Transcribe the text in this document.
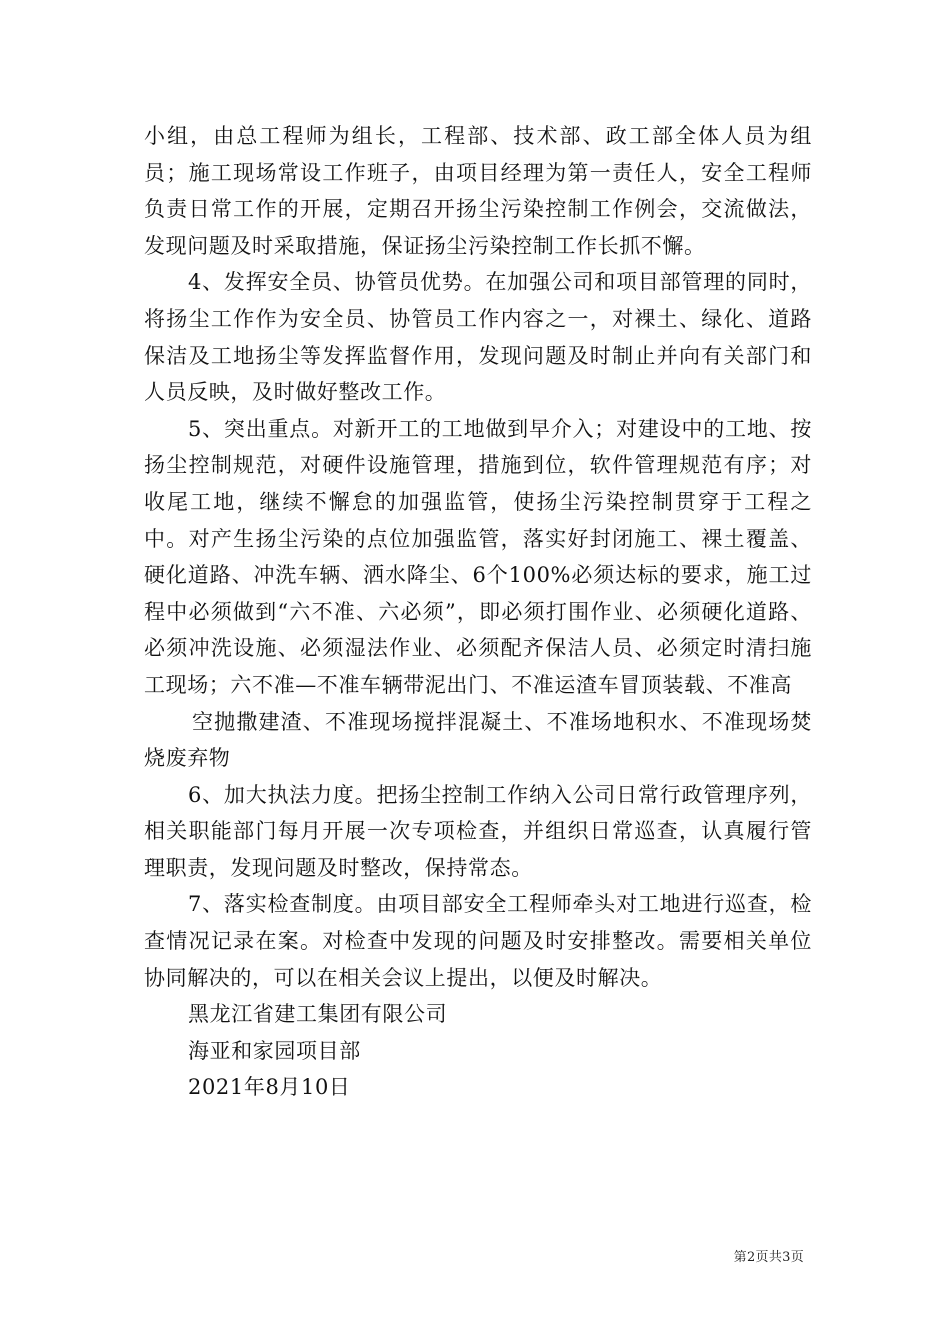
小组，由总工程师为组长，工程部、技术部、政工部全体人员为组员；施工现场常设工作班子，由项目经理为第一责任人，安全工程师负责日常工作的开展，定期召开扬尘污染控制工作例会，交流做法，发现问题及时采取措施，保证扬尘污染控制工作长抓不懈。

4、发挥安全员、协管员优势。在加强公司和项目部管理的同时，将扬尘工作作为安全员、协管员工作内容之一，对裸土、绿化、道路保洁及工地扬尘等发挥监督作用，发现问题及时制止并向有关部门和人员反映，及时做好整改工作。

5、突出重点。对新开工的工地做到早介入；对建设中的工地、按扬尘控制规范，对硬件设施管理，措施到位，软件管理规范有序；对收尾工地，继续不懈怠的加强监管，使扬尘污染控制贯穿于工程之中。对产生扬尘污染的点位加强监管，落实好封闭施工、裸土覆盖、硬化道路、冲洗车辆、洒水降尘、6个100%必须达标的要求，施工过程中必须做到“六不准、六必须”，即必须打围作业、必须硬化道路、必须冲洗设施、必须湿法作业、必须配齐保洁人员、必须定时清扫施工现场；六不准—不准车辆带泥出门、不准运渣车冒顶装载、不准高

空抛撒建渣、不准现场搅拌混凝土、不准场地积水、不准现场焚烧废弃物

6、加大执法力度。把扬尘控制工作纳入公司日常行政管理序列，相关职能部门每月开展一次专项检查，并组织日常巡查，认真履行管理职责，发现问题及时整改，保持常态。

7、落实检查制度。由项目部安全工程师牵头对工地进行巡查，检查情况记录在案。对检查中发现的问题及时安排整改。需要相关单位协同解决的，可以在相关会议上提出，以便及时解决。

黑龙江省建工集团有限公司

海亚和家园项目部

2021年8月10日

第2页共3页
